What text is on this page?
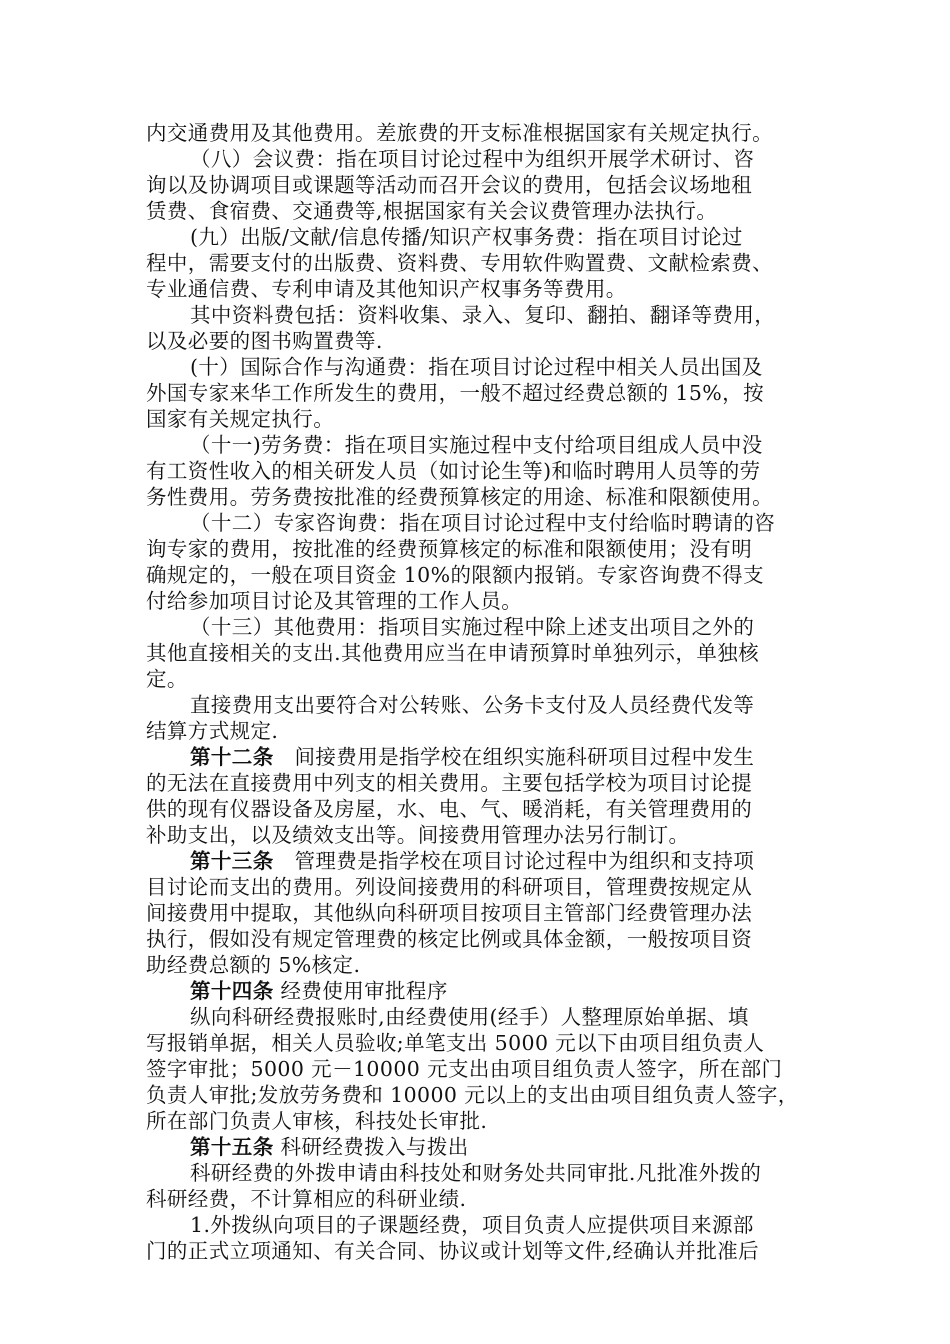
内交通费用及其他费用。差旅费的开支标准根据国家有关规定执行。
（八）会议费：指在项目讨论过程中为组织开展学术研讨、咨
询以及协调项目或课题等活动而召开会议的费用，包括会议场地租
赁费、食宿费、交通费等,根据国家有关会议费管理办法执行。
(九）出版/文献/信息传播/知识产权事务费：指在项目讨论过
程中，需要支付的出版费、资料费、专用软件购置费、文献检索费、
专业通信费、专利申请及其他知识产权事务等费用。
其中资料费包括：资料收集、录入、复印、翻拍、翻译等费用，
以及必要的图书购置费等.
(十）国际合作与沟通费：指在项目讨论过程中相关人员出国及
外国专家来华工作所发生的费用，一般不超过经费总额的 15%，按
国家有关规定执行。
（十一)劳务费：指在项目实施过程中支付给项目组成人员中没
有工资性收入的相关研发人员（如讨论生等)和临时聘用人员等的劳
务性费用。劳务费按批准的经费预算核定的用途、标准和限额使用。
（十二）专家咨询费：指在项目讨论过程中支付给临时聘请的咨
询专家的费用，按批准的经费预算核定的标准和限额使用；没有明
确规定的，一般在项目资金 10%的限额内报销。专家咨询费不得支
付给参加项目讨论及其管理的工作人员。
（十三）其他费用：指项目实施过程中除上述支出项目之外的
其他直接相关的支出.其他费用应当在申请预算时单独列示，单独核
定。
直接费用支出要符合对公转账、公务卡支付及人员经费代发等
结算方式规定.
第十二条　间接费用是指学校在组织实施科研项目过程中发生
的无法在直接费用中列支的相关费用。主要包括学校为项目讨论提
供的现有仪器设备及房屋，水、电、气、暖消耗，有关管理费用的
补助支出，以及绩效支出等。间接费用管理办法另行制订。
第十三条　管理费是指学校在项目讨论过程中为组织和支持项
目讨论而支出的费用。列设间接费用的科研项目，管理费按规定从
间接费用中提取，其他纵向科研项目按项目主管部门经费管理办法
执行，假如没有规定管理费的核定比例或具体金额，一般按项目资
助经费总额的 5%核定.
第十四条 经费使用审批程序
纵向科研经费报账时,由经费使用(经手）人整理原始单据、填
写报销单据，相关人员验收;单笔支出 5000 元以下由项目组负责人
签字审批；5000 元－10000 元支出由项目组负责人签字，所在部门
负责人审批;发放劳务费和 10000 元以上的支出由项目组负责人签字，
所在部门负责人审核，科技处长审批.
第十五条 科研经费拨入与拨出
科研经费的外拨申请由科技处和财务处共同审批.凡批准外拨的
科研经费，不计算相应的科研业绩.
1.外拨纵向项目的子课题经费，项目负责人应提供项目来源部
门的正式立项通知、有关合同、协议或计划等文件,经确认并批准后
